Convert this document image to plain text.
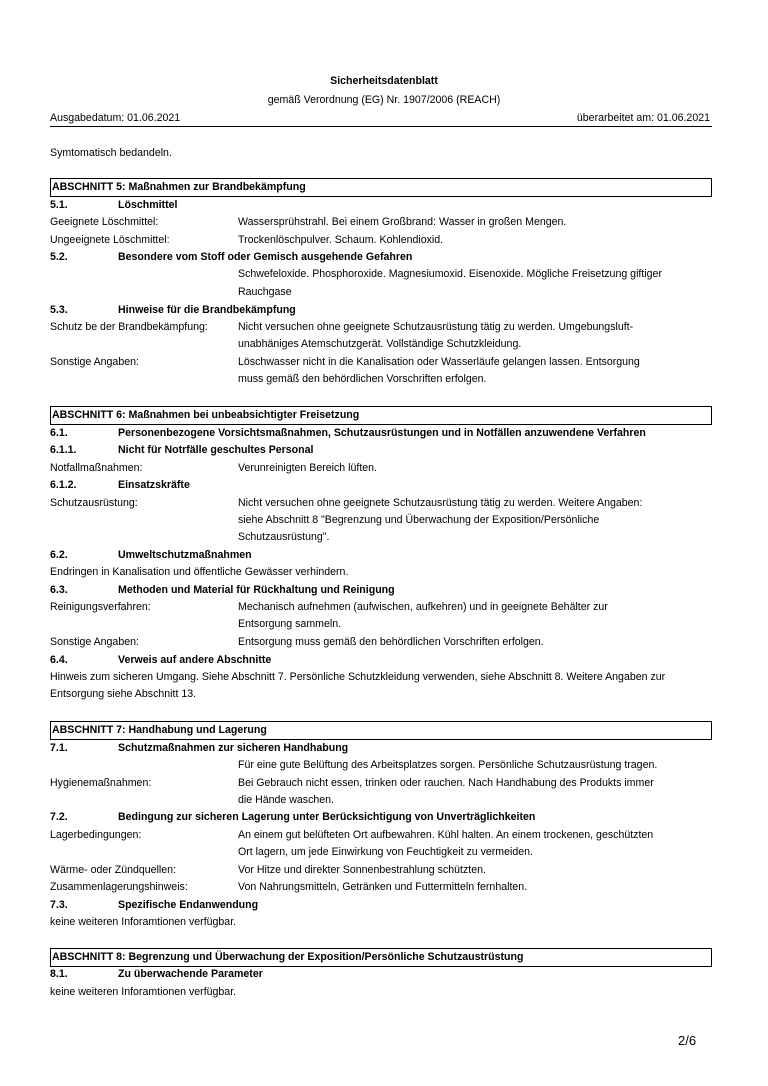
Sicherheitsdatenblatt
gemäß Verordnung (EG) Nr. 1907/2006 (REACH)
Ausgabedatum: 01.06.2021	überarbeitet am: 01.06.2021
Symtomatisch bedandeln.
ABSCHNITT 5: Maßnahmen zur Brandbekämpfung
5.1.	Löschmittel
Geeignete Löschmittel:	Wassersprühstrahl. Bei einem Großbrand: Wasser in großen Mengen.
Ungeeignete Löschmittel:	Trockenlöschpulver. Schaum. Kohlendioxid.
5.2.	Besondere vom Stoff oder Gemisch ausgehende Gefahren
Schwefeloxide. Phosphoroxide. Magnesiumoxid. Eisenoxide. Mögliche Freisetzung giftiger
Rauchgase
5.3.	Hinweise für die Brandbekämpfung
Schutz be der Brandbekämpfung:	Nicht versuchen ohne geeignete Schutzausrüstung tätig zu werden. Umgebungsluft-
unabhäniges Atemschutzgerät. Vollständige Schutzkleidung.
Sonstige Angaben:	Löschwasser nicht in die Kanalisation oder Wasserläufe gelangen lassen. Entsorgung
muss gemäß den behördlichen Vorschriften erfolgen.
ABSCHNITT 6: Maßnahmen bei unbeabsichtigter Freisetzung
6.1.	Personenbezogene Vorsichtsmaßnahmen, Schutzausrüstungen und in Notfällen anzuwendene Verfahren
6.1.1.	Nicht für Notrfälle geschultes Personal
Notfallmaßnahmen:	Verunreinigten Bereich lüften.
6.1.2.	Einsatzskräfte
Schutzausrüstung:	Nicht versuchen ohne geeignete Schutzausrüstung tätig zu werden. Weitere Angaben:
siehe Abschnitt 8 "Begrenzung und Überwachung der Exposition/Persönliche
Schutzausrüstung".
6.2.	Umweltschutzmaßnahmen
Endringen in Kanalisation und öffentliche Gewässer verhindern.
6.3.	Methoden und Material für Rückhaltung und Reinigung
Reinigungsverfahren:	Mechanisch aufnehmen (aufwischen, aufkehren) und in geeignete Behälter zur
Entsorgung sammeln.
Sonstige Angaben:	Entsorgung muss gemäß den behördlichen Vorschriften erfolgen.
6.4.	Verweis auf andere Abschnitte
Hinweis zum sicheren Umgang. Siehe Abschnitt 7. Persönliche Schutzkleidung verwenden, siehe Abschnitt 8. Weitere Angaben zur
Entsorgung siehe Abschnitt 13.
ABSCHNITT 7: Handhabung und Lagerung
7.1.	Schutzmaßnahmen zur sicheren Handhabung
Für eine gute Belüftung des Arbeitsplatzes sorgen. Persönliche Schutzausrüstung tragen.
Hygienemaßnahmen:	Bei Gebrauch nicht essen, trinken oder rauchen. Nach Handhabung des Produkts immer
die Hände waschen.
7.2.	Bedingung zur sicheren Lagerung unter Berücksichtigung von Unverträglichkeiten
Lagerbedingungen:	An einem gut belüfteten Ort aufbewahren. Kühl halten. An einem trockenen, geschützten
Ort lagern, um jede Einwirkung von Feuchtigkeit zu vermeiden.
Wärme- oder Zündquellen:	Vor Hitze und direkter Sonnenbestrahlung schützten.
Zusammenlagerungshinweis:	Von Nahrungsmitteln, Getränken und Futtermitteln fernhalten.
7.3.	Spezifische Endanwendung
keine weiteren Inforamtionen verfügbar.
ABSCHNITT 8: Begrenzung und Überwachung der Exposition/Persönliche Schutzaustrüstung
8.1.	Zu überwachende Parameter
keine weiteren Inforamtionen verfügbar.
2/6
